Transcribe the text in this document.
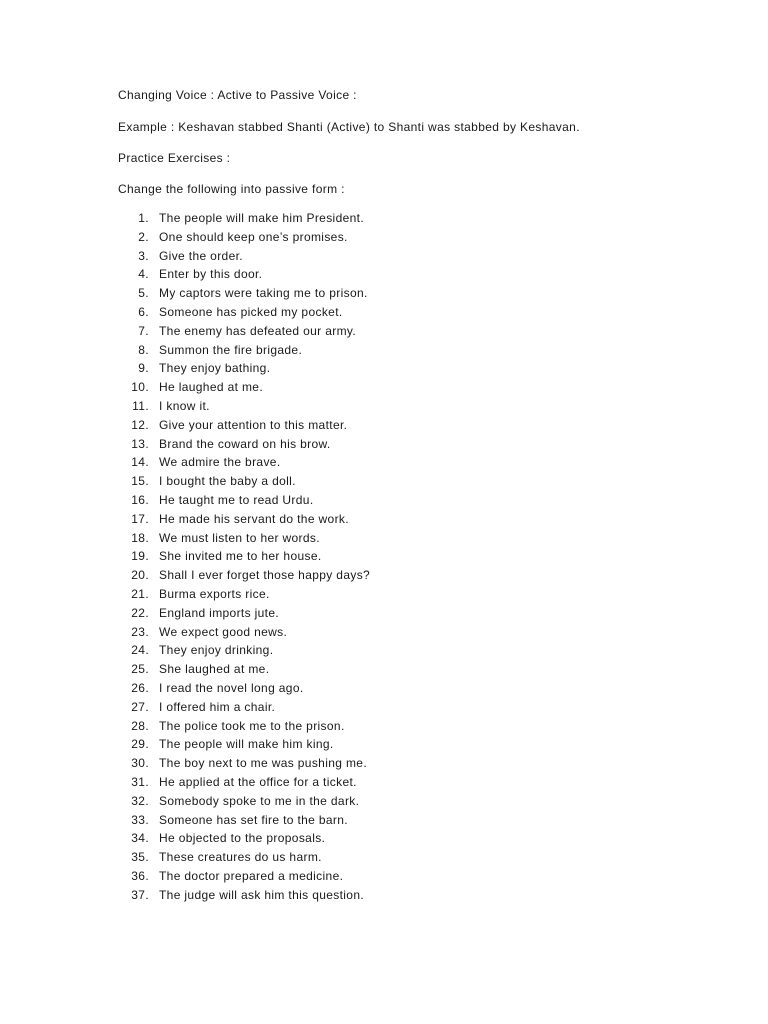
Changing Voice : Active to Passive Voice :
Example : Keshavan stabbed Shanti (Active) to Shanti was stabbed by Keshavan.
Practice Exercises :
Change the following into passive form :
1. The people will make him President.
2. One should keep one’s promises.
3. Give the order.
4. Enter by this door.
5. My captors were taking me to prison.
6. Someone has picked my pocket.
7. The enemy has defeated our army.
8. Summon the fire brigade.
9. They enjoy bathing.
10. He laughed at me.
11. I know it.
12. Give your attention to this matter.
13. Brand the coward on his brow.
14. We admire the brave.
15. I bought the baby a doll.
16. He taught me to read Urdu.
17. He made his servant do the work.
18. We must listen to her words.
19. She invited me to her house.
20. Shall I ever forget those happy days?
21. Burma exports rice.
22. England imports jute.
23. We expect good news.
24. They enjoy drinking.
25. She laughed at me.
26. I read the novel long ago.
27. I offered him a chair.
28. The police took me to the prison.
29. The people will make him king.
30. The boy next to me was pushing me.
31. He applied at the office for a ticket.
32. Somebody spoke to me in the dark.
33. Someone has set fire to the barn.
34. He objected to the proposals.
35. These creatures do us harm.
36. The doctor prepared a medicine.
37. The judge will ask him this question.
